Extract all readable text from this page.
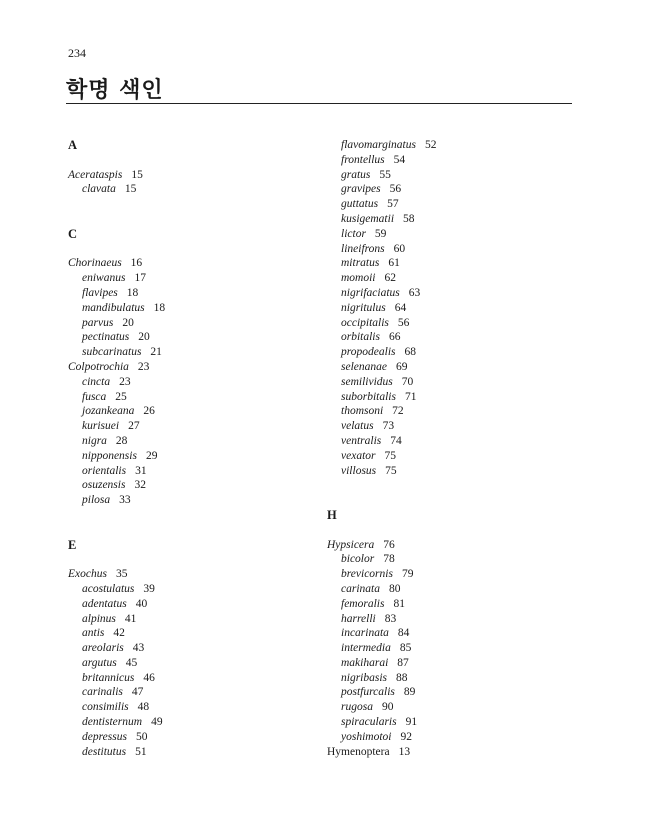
234
학명 색인
A
Acerataspis 15
clavata 15
C
Chorinaeus 16
eniwanus 17
flavipes 18
mandibulatus 18
parvus 20
pectinatus 20
subcarinatus 21
Colpotrochia 23
cincta 23
fusca 25
jozankeana 26
kurisuei 27
nigra 28
nipponensis 29
orientalis 31
osuzensis 32
pilosa 33
E
Exochus 35
acostulatus 39
adentatus 40
alpinus 41
antis 42
areolaris 43
argutus 45
britannicus 46
carinalis 47
consimilis 48
dentisternum 49
depressus 50
destitutus 51
flavomarginatus 52
frontellus 54
gratus 55
gravipes 56
guttatus 57
kusigematii 58
lictor 59
lineifrons 60
mitratus 61
momoii 62
nigrifaciatus 63
nigritulus 64
occipitalis 56
orbitalis 66
propodealis 68
selenanae 69
semilividus 70
suborbitalis 71
thomsoni 72
velatus 73
ventralis 74
vexator 75
villosus 75
H
Hypsicera 76
bicolor 78
brevicornis 79
carinata 80
femoralis 81
harrelli 83
incarinata 84
intermedia 85
makiharai 87
nigribasis 88
postfurcalis 89
rugosa 90
spiracularis 91
yoshimotoi 92
Hymenoptera 13
